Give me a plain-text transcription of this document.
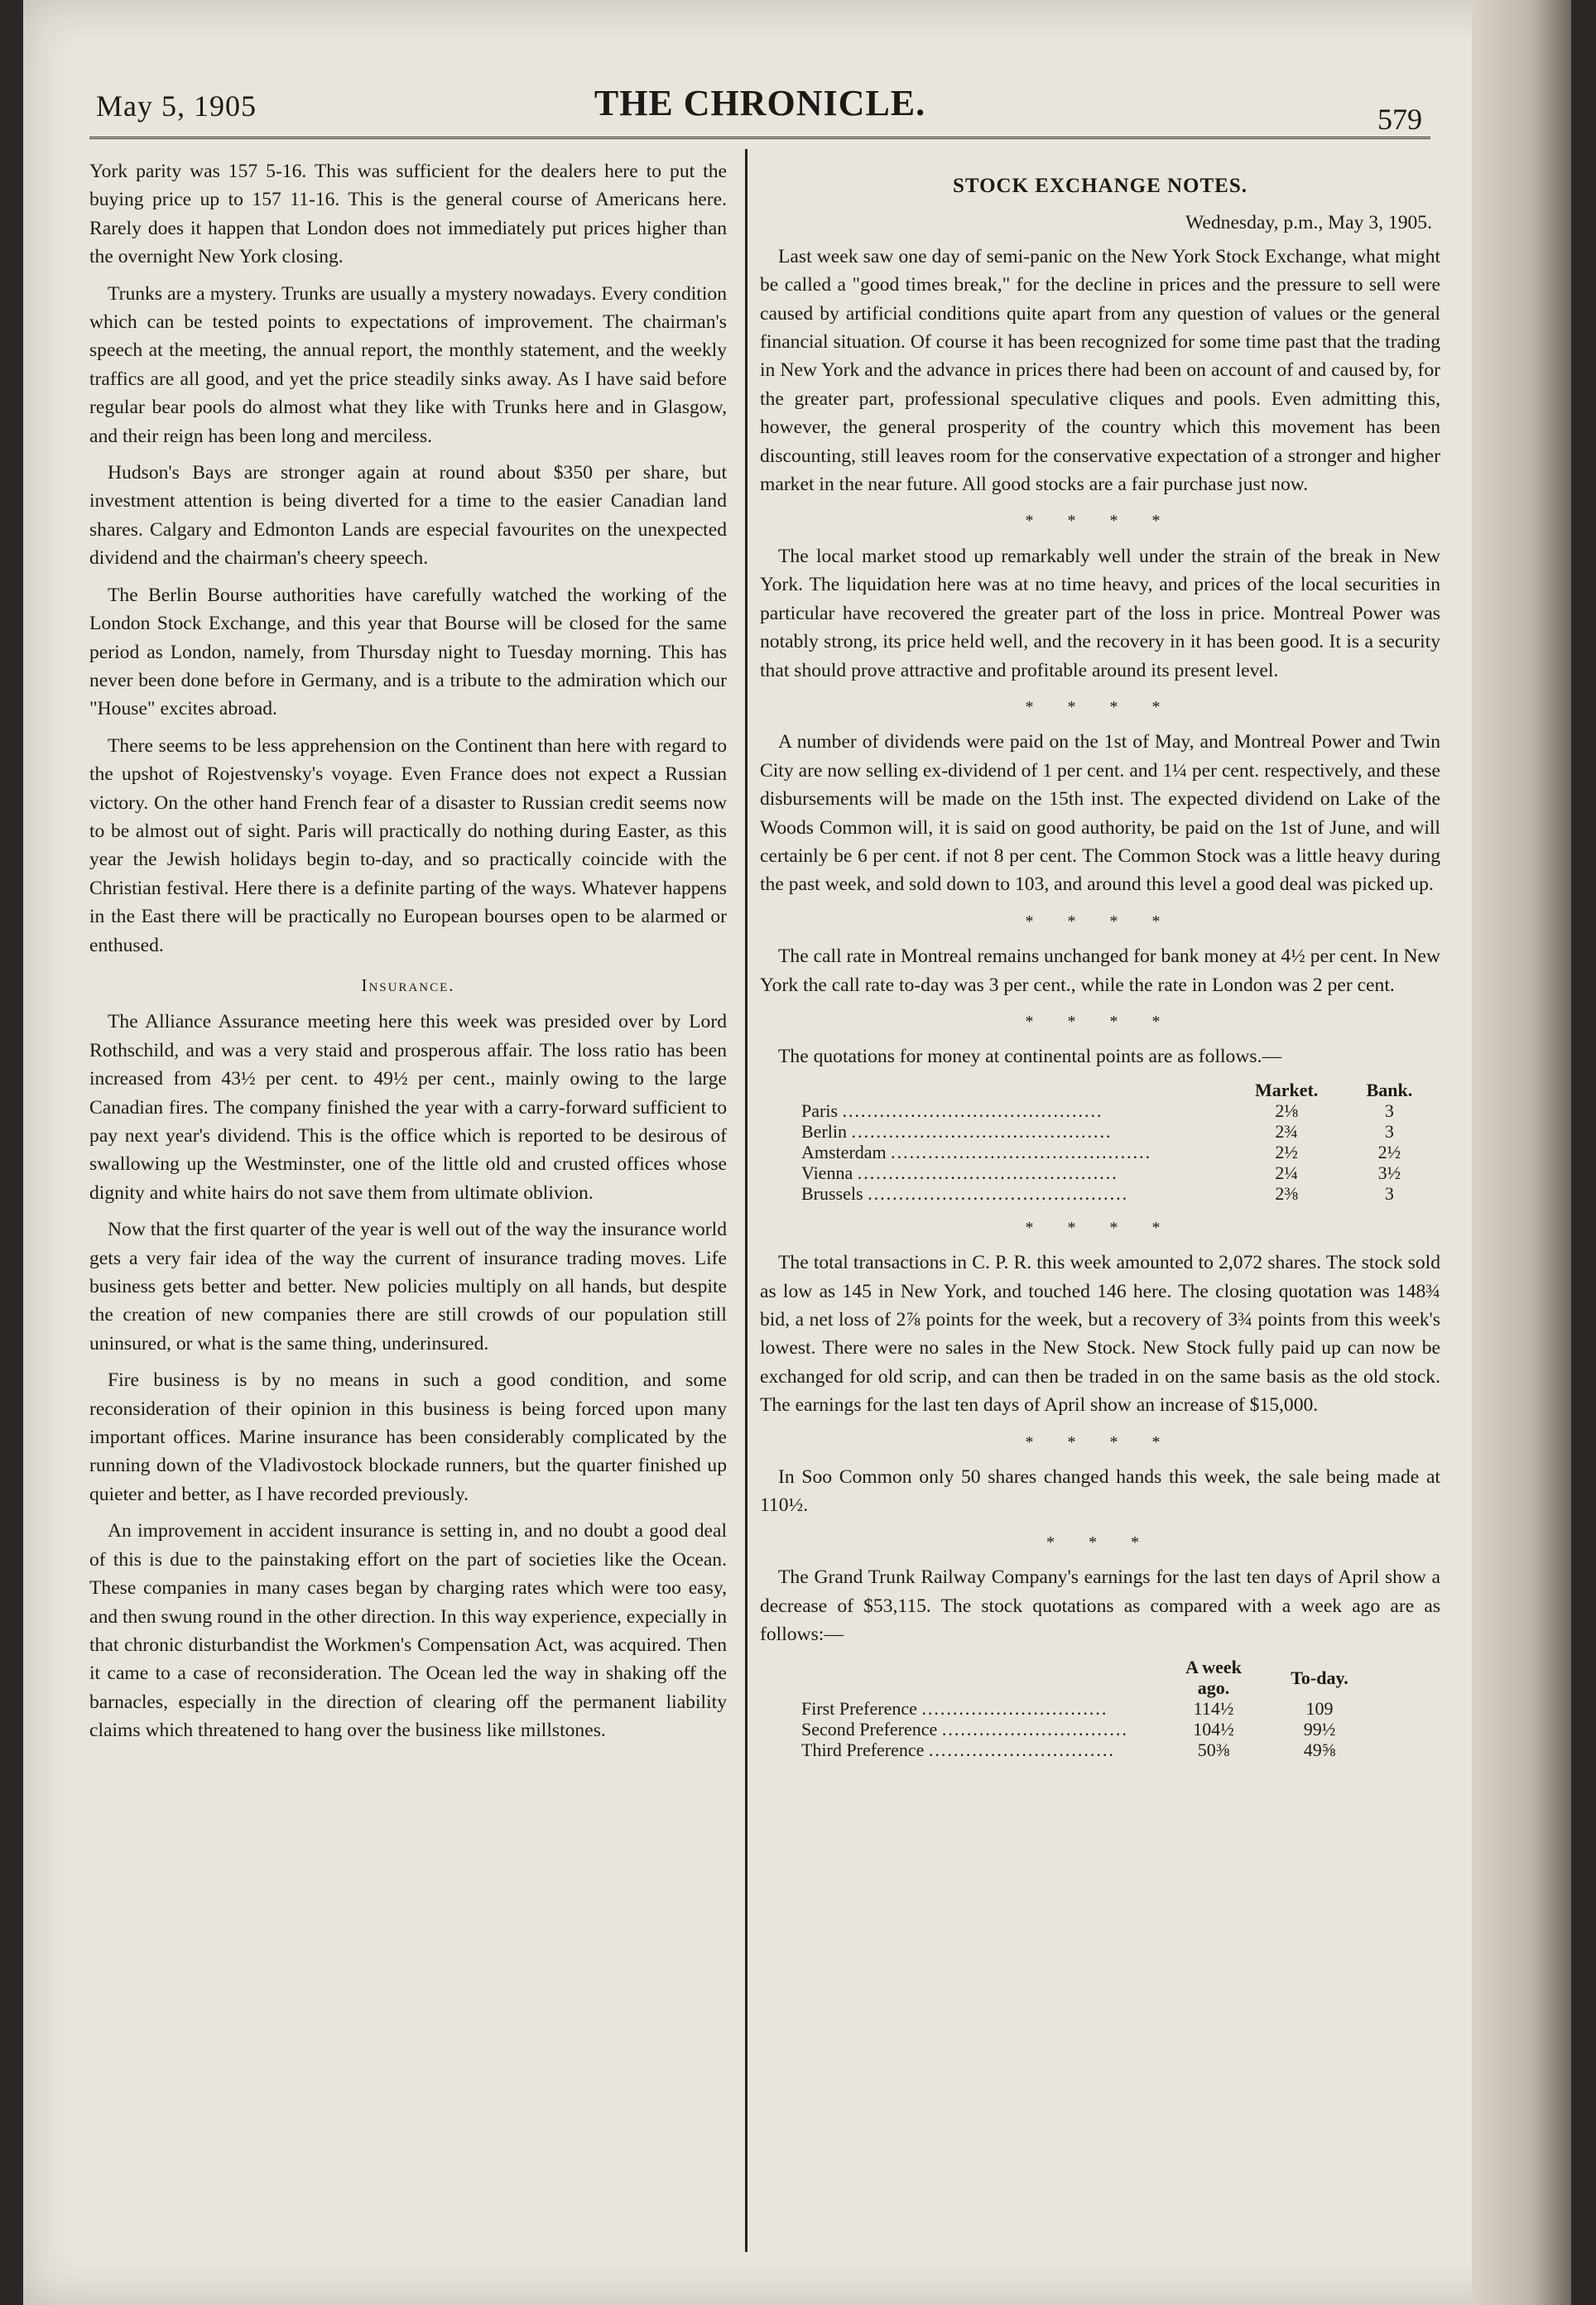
May 5, 1905	THE CHRONICLE.	579

York parity was 157 5-16. This was sufficient for the dealers here to put the buying price up to 157 11-16. This is the general course of Americans here. Rarely does it happen that London does not immediately put prices higher than the overnight New York closing.

Trunks are a mystery. Trunks are usually a mystery nowadays. Every condition which can be tested points to expectations of improvement. The chairman's speech at the meeting, the annual report, the monthly statement, and the weekly traffics are all good, and yet the price steadily sinks away. As I have said before regular bear pools do almost what they like with Trunks here and in Glasgow, and their reign has been long and merciless.

Hudson's Bays are stronger again at round about $350 per share, but investment attention is being diverted for a time to the easier Canadian land shares. Calgary and Edmonton Lands are especial favourites on the unexpected dividend and the chairman's cheery speech.

The Berlin Bourse authorities have carefully watched the working of the London Stock Exchange, and this year that Bourse will be closed for the same period as London, namely, from Thursday night to Tuesday morning. This has never been done before in Germany, and is a tribute to the admiration which our "House" excites abroad.

There seems to be less apprehension on the Continent than here with regard to the upshot of Rojestvensky's voyage. Even France does not expect a Russian victory. On the other hand French fear of a disaster to Russian credit seems now to be almost out of sight. Paris will practically do nothing during Easter, as this year the Jewish holidays begin to-day, and so practically coincide with the Christian festival. Here there is a definite parting of the ways. Whatever happens in the East there will be practically no European bourses open to be alarmed or enthused.

Insurance.

The Alliance Assurance meeting here this week was presided over by Lord Rothschild, and was a very staid and prosperous affair. The loss ratio has been increased from 43½ per cent. to 49½ per cent., mainly owing to the large Canadian fires. The company finished the year with a carry-forward sufficient to pay next year's dividend. This is the office which is reported to be desirous of swallowing up the Westminster, one of the little old and crusted offices whose dignity and white hairs do not save them from ultimate oblivion.

Now that the first quarter of the year is well out of the way the insurance world gets a very fair idea of the way the current of insurance trading moves. Life business gets better and better. New policies multiply on all hands, but despite the creation of new companies there are still crowds of our population still uninsured, or what is the same thing, underinsured.

Fire business is by no means in such a good condition, and some reconsideration of their opinion in this business is being forced upon many important offices. Marine insurance has been considerably complicated by the running down of the Vladivostock blockade runners, but the quarter finished up quieter and better, as I have recorded previously.

An improvement in accident insurance is setting in, and no doubt a good deal of this is due to the painstaking effort on the part of societies like the Ocean. These companies in many cases began by charging rates which were too easy, and then swung round in the other direction. In this way experience, expecially in that chronic disturbandist the Workmen's Compensation Act, was acquired. Then it came to a case of reconsideration. The Ocean led the way in shaking off the barnacles, especially in the direction of clearing off the permanent liability claims which threatened to hang over the business like millstones.

STOCK EXCHANGE NOTES.
Wednesday, p.m., May 3, 1905.

Last week saw one day of semi-panic on the New York Stock Exchange, what might be called a "good times break," for the decline in prices and the pressure to sell were caused by artificial conditions quite apart from any question of values or the general financial situation. Of course it has been recognized for some time past that the trading in New York and the advance in prices there had been on account of and caused by, for the greater part, professional speculative cliques and pools. Even admitting this, however, the general prosperity of the country which this movement has been discounting, still leaves room for the conservative expectation of a stronger and higher market in the near future. All good stocks are a fair purchase just now.

* * * *

The local market stood up remarkably well under the strain of the break in New York. The liquidation here was at no time heavy, and prices of the local securities in particular have recovered the greater part of the loss in price. Montreal Power was notably strong, its price held well, and the recovery in it has been good. It is a security that should prove attractive and profitable around its present level.

* * * *

A number of dividends were paid on the 1st of May, and Montreal Power and Twin City are now selling ex-dividend of 1 per cent. and 1¼ per cent. respectively, and these disbursements will be made on the 15th inst. The expected dividend on Lake of the Woods Common will, it is said on good authority, be paid on the 1st of June, and will certainly be 6 per cent. if not 8 per cent. The Common Stock was a little heavy during the past week, and sold down to 103, and around this level a good deal was picked up.

* * * *

The call rate in Montreal remains unchanged for bank money at 4½ per cent. In New York the call rate to-day was 3 per cent., while the rate in London was 2 per cent.

* * * *

The quotations for money at continental points are as follows.—

	Market.	Bank.
Paris ..........................................	2⅛	3
Berlin ..........................................	2¾	3
Amsterdam ..........................................	2½	2½
Vienna ..........................................	2¼	3½
Brussels ..........................................	2⅜	3
* * * *

The total transactions in C. P. R. this week amounted to 2,072 shares. The stock sold as low as 145 in New York, and touched 146 here. The closing quotation was 148¾ bid, a net loss of 2⅞ points for the week, but a recovery of 3¾ points from this week's lowest. There were no sales in the New Stock. New Stock fully paid up can now be exchanged for old scrip, and can then be traded in on the same basis as the old stock. The earnings for the last ten days of April show an increase of $15,000.

* * * *

In Soo Common only 50 shares changed hands this week, the sale being made at 110½.

* * *

The Grand Trunk Railway Company's earnings for the last ten days of April show a decrease of $53,115. The stock quotations as compared with a week ago are as follows:—

	A week ago.	To-day.
First Preference ..............................	114½	109
Second Preference ..............................	104½	99½
Third Preference ..............................	50⅜	49⅝
